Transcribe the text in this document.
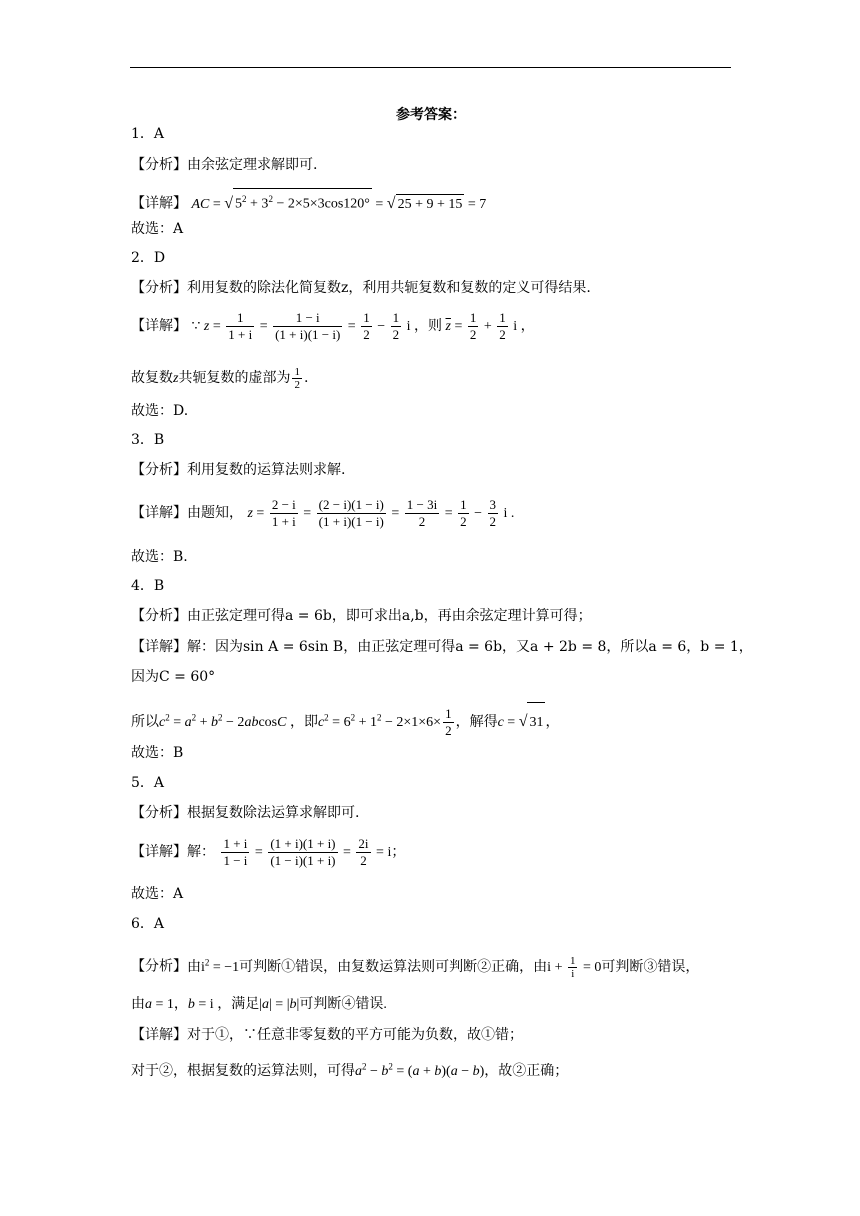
参考答案：
1．A
【分析】由余弦定理求解即可.
【详解】 AC = √ $5^2 + 3^2 - 2\times 5\times 3\cos 120^\circ$ = √ 25 + 9 + 15 = 7
故选：A
2．D
【分析】利用复数的除法化简复数z，利用共轭复数和复数的定义可得结果.
【详解】 ∵ $z = \frac{1}{1 + i} = \frac{1 - i}{(1 + i)(1 - i)} = \frac{1}{2} - \frac{1}{2}$ i ，则 $\overline{z} = \frac{1}{2} + \frac{1}{2}$ i ，
故复数z共轭复数的虚部为 $\frac{1}{2}$ .
故选：D.
3．B
【分析】利用复数的运算法则求解.
【详解】由题知， $z = \frac{2 - i}{1 + i} = \frac{(2 - i)(1 - i)}{(1 + i)(1 - i)} = \frac{1 - 3i}{2} = \frac{1}{2} - \frac{3}{2}$ i .
故选：B.
4．B
【分析】由正弦定理可得a = 6b，即可求出a,b，再由余弦定理计算可得；
【详解】解：因为sin A = 6sin B，由正弦定理可得a = 6b，又a + 2b = 8，所以a = 6，b = 1，
因为C = 60°
所以$c^2 = a^2 + b^2 - 2abcosC$ ，即$c^2 = 6^2 + 1^2 - 2\times 1\times 6\times \frac{1}{2}$ ，解得c = √ 31 ，
故选：B
5．A
【分析】根据复数除法运算求解即可.
【详解】解： $\frac{1 + i}{1 - i} = \frac{(1 + i)(1 + i)}{(1 - i)(1 + i)} = \frac{2i}{2} = i$；
故选：A
6．A
【分析】由$i^2 = -1$可判断①错误，由复数运算法则可判断②正确，由$i + \frac{1}{i} = 0$可判断③错误，
由a = 1，b = i ，满足|a| = |b|可判断④错误.
【详解】对于①，∵任意非零复数的平方可能为负数，故①错；
对于②，根据复数的运算法则，可得$a^2 - b^2 = (a + b)(a - b)$，故②正确；
